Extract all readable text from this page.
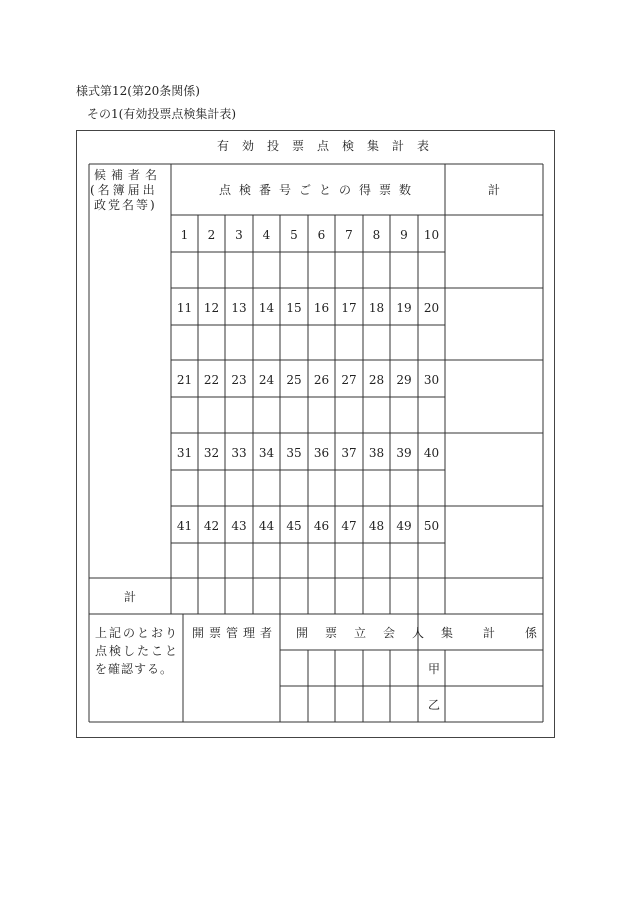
様式第12(第20条関係)
その1(有効投票点検集計表)
有効投票点検集計表
候補者名
(名簿届出
政党名等)
点検番号ごとの得票数	計
計
上記のとおり
点検したこと
を確認する。
開票管理者 開票立会人 集計係
甲
乙
1 2 3 4 5 6 7 8 9 10
11 12 13 14 15 16 17 18 19 20
21 22 23 24 25 26 27 28 29 30
31 32 33 34 35 36 37 38 39 40
41 42 43 44 45 46 47 48 49 50
